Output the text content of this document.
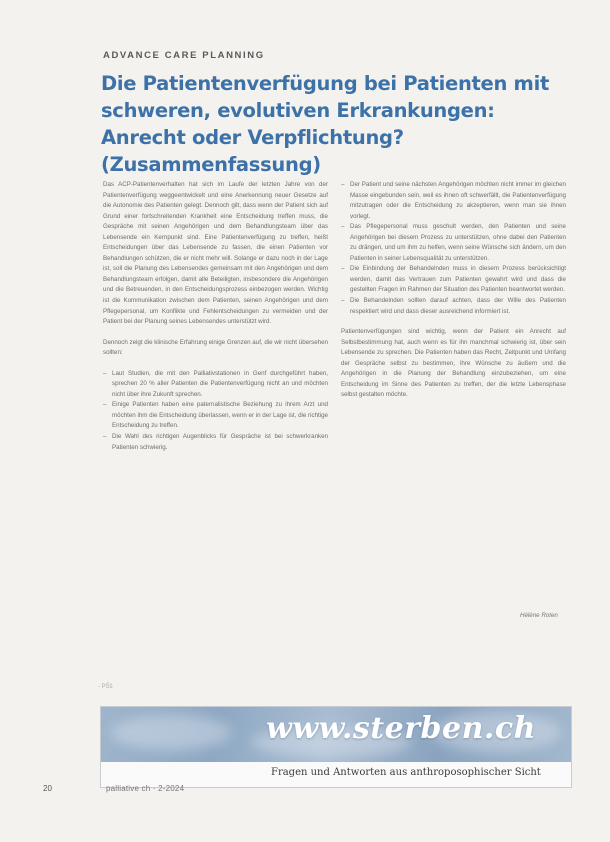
ADVANCE CARE PLANNING
Die Patientenverfügung bei Patienten mit schweren, evolutiven Erkrankungen: Anrecht oder Verpflichtung? (Zusammenfassung)

Das ACP-Patientenverhalten hat sich im Laufe der letzten Jahre von der Patientenverfügung weggeentwickelt und eine Anerkennung neuer Gesetze auf die Autonomie des Patienten gelegt. Dennoch gilt, dass wenn der Patient sich auf Grund einer fortschreitenden Krankheit eine Entscheidung treffen muss, die Gespräche mit seinen Angehörigen und dem Behandlungsteam über das Lebensende ein Kernpunkt sind. Eine Patientenverfügung zu treffen, heißt Entscheidungen über das Lebensende zu fassen, die einen Patienten vor Behandlungen schützen, die er nicht mehr will. Solange er dazu noch in der Lage ist, soll die Planung des Lebensendes gemeinsam mit den Angehörigen und dem Behandlungsteam erfolgen, damit alle Beteiligten, insbesondere die Angehörigen und die Betreuenden, in den Entscheidungsprozess einbezogen werden. Wichtig ist die Kommunikation zwischen dem Patienten, seinen Angehörigen und dem Pflegepersonal, um Konflikte und Fehlentscheidungen zu vermeiden und der Patient bei der Planung seines Lebensendes unterstützt wird.

Dennoch zeigt die klinische Erfahrung einige Grenzen auf, die wir nicht übersehen sollten:

– Laut Studien, die mit den Palliativstationen in Genf durchgeführt haben, sprechen 20 % aller Patienten die Patientenverfügung nicht an und möchten nicht über ihre Zukunft sprechen.
– Einige Patienten haben eine paternalistische Beziehung zu ihrem Arzt und möchten ihm die Entscheidung überlassen, wenn er in der Lage ist, die richtige Entscheidung zu treffen.
– Die Wahl des richtigen Augenblicks für Gespräche ist bei schwerkranken Patienten schwierig.
– Der Patient und seine nächsten Angehörigen möchten nicht immer im gleichen Masse eingebunden sein, weil es ihnen oft schwerfällt, die Patientenverfügung mitzutragen oder die Entscheidung zu akzeptieren, wenn man sie ihnen vorlegt.
– Das Pflegepersonal muss geschult werden, den Patienten und seine Angehörigen bei diesem Prozess zu unterstützen, ohne dabei den Patienten zu drängen, und um ihm zu helfen, wenn seine Wünsche sich ändern, um den Patienten in seiner Lebensqualität zu unterstützen.
– Die Einbindung der Behandelnden muss in diesem Prozess berücksichtigt werden, damit das Vertrauen zum Patienten gewahrt wird und dass die gestellten Fragen im Rahmen der Situation des Patienten beantwortet werden.
– Die Behandelnden sollten darauf achten, dass der Wille des Patienten respektiert wird und dass dieser ausreichend informiert ist.

Patientenverfügungen sind wichtig, wenn der Patient ein Anrecht auf Selbstbestimmung hat, auch wenn es für ihn manchmal schwierig ist, über sein Lebensende zu sprechen. Die Patienten haben das Recht, Zeitpunkt und Umfang der Gespräche selbst zu bestimmen, ihre Wünsche zu äußern und die Angehörigen in die Planung der Behandlung einzubeziehen, um eine Entscheidung im Sinne des Patienten zu treffen, der die letzte Lebensphase selbst gestalten möchte.

Hélène Roten
- PŠš
www.sterben.ch
Fragen und Antworten aus anthroposophischer Sicht
20	palliative ch · 2-2024
